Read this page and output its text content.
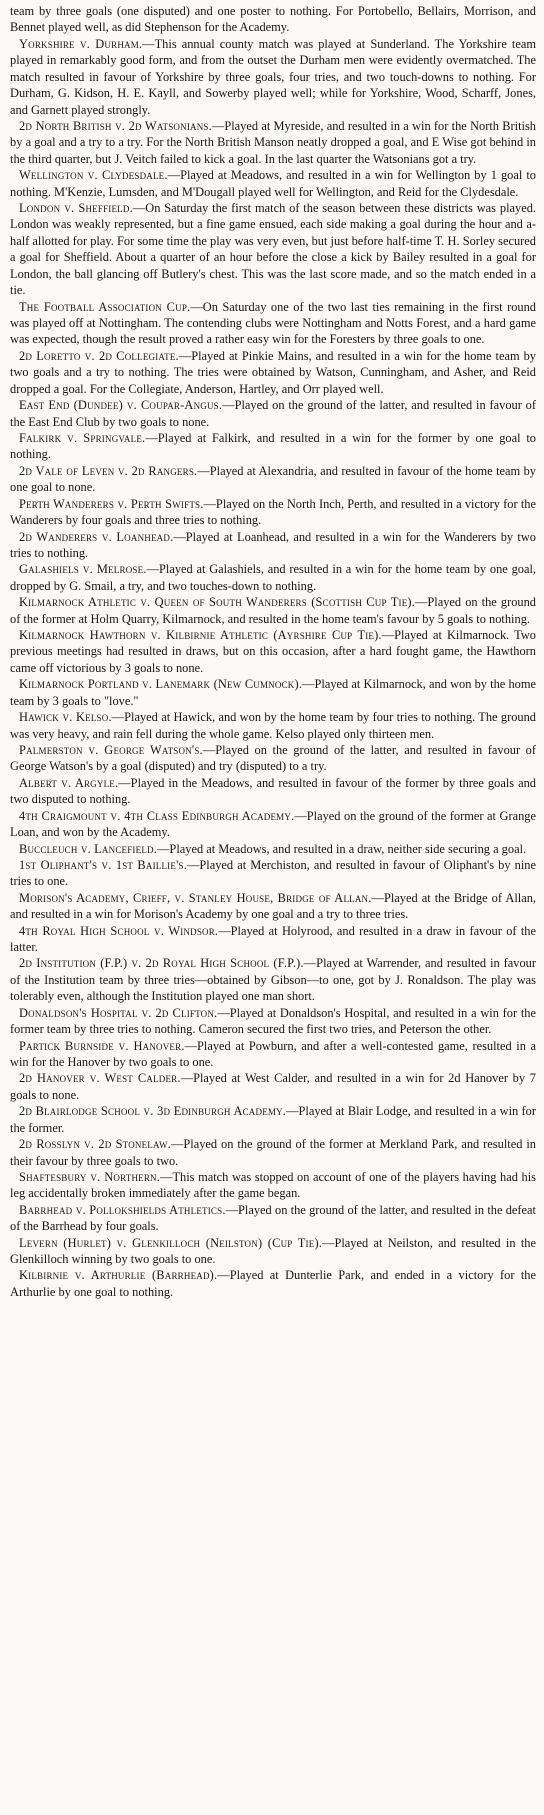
team by three goals (one disputed) and one poster to nothing. For Portobello, Bellairs, Morrison, and Bennet played well, as did Stephenson for the Academy.

Yorkshire v. Durham.—This annual county match was played at Sunderland. The Yorkshire team played in remarkably good form, and from the outset the Durham men were evidently overmatched. The match resulted in favour of Yorkshire by three goals, four tries, and two touch-downs to nothing. For Durham, G. Kidson, H. E. Kayll, and Sowerby played well; while for Yorkshire, Wood, Scharff, Jones, and Garnett played strongly.

2d North British v. 2d Watsonians.—Played at Myreside, and resulted in a win for the North British by a goal and a try to a try. For the North British Manson neatly dropped a goal, and E Wise got behind in the third quarter, but J. Veitch failed to kick a goal. In the last quarter the Watsonians got a try.

Wellington v. Clydesdale.—Played at Meadows, and resulted in a win for Wellington by 1 goal to nothing. M'Kenzie, Lumsden, and M'Dougall played well for Wellington, and Reid for the Clydesdale.

London v. Sheffield.—On Saturday the first match of the season between these districts was played. London was weakly represented, but a fine game ensued, each side making a goal during the hour and a-half allotted for play. For some time the play was very even, but just before half-time T. H. Sorley secured a goal for Sheffield. About a quarter of an hour before the close a kick by Bailey resulted in a goal for London, the ball glancing off Butlery's chest. This was the last score made, and so the match ended in a tie.

The Football Association Cup.—On Saturday one of the two last ties remaining in the first round was played off at Nottingham. The contending clubs were Nottingham and Notts Forest, and a hard game was expected, though the result proved a rather easy win for the Foresters by three goals to one.

2d Loretto v. 2d Collegiate.—Played at Pinkie Mains, and resulted in a win for the home team by two goals and a try to nothing. The tries were obtained by Watson, Cunningham, and Asher, and Reid dropped a goal. For the Collegiate, Anderson, Hartley, and Orr played well.

East End (Dundee) v. Coupar-Angus.—Played on the ground of the latter, and resulted in favour of the East End Club by two goals to none.

Falkirk v. Springvale.—Played at Falkirk, and resulted in a win for the former by one goal to nothing.

2d Vale of Leven v. 2d Rangers.—Played at Alexandria, and resulted in favour of the home team by one goal to none.

Perth Wanderers v. Perth Swifts.—Played on the North Inch, Perth, and resulted in a victory for the Wanderers by four goals and three tries to nothing.

2d Wanderers v. Loanhead.—Played at Loanhead, and resulted in a win for the Wanderers by two tries to nothing.

Galashiels v. Melrose.—Played at Galashiels, and resulted in a win for the home team by one goal, dropped by G. Smail, a try, and two touches-down to nothing.

Kilmarnock Athletic v. Queen of South Wanderers (Scottish Cup Tie).—Played on the ground of the former at Holm Quarry, Kilmarnock, and resulted in the home team's favour by 5 goals to nothing.

Kilmarnock Hawthorn v. Kilbirnie Athletic (Ayrshire Cup Tie).—Played at Kilmarnock. Two previous meetings had resulted in draws, but on this occasion, after a hard fought game, the Hawthorn came off victorious by 3 goals to none.

Kilmarnock Portland v. Lanemark (New Cumnock).—Played at Kilmarnock, and won by the home team by 3 goals to "love."

Hawick v. Kelso.—Played at Hawick, and won by the home team by four tries to nothing. The ground was very heavy, and rain fell during the whole game. Kelso played only thirteen men.

Palmerston v. George Watson's.—Played on the ground of the latter, and resulted in favour of George Watson's by a goal (disputed) and try (disputed) to a try.

Albert v. Argyle.—Played in the Meadows, and resulted in favour of the former by three goals and two disputed to nothing.

4th Craigmount v. 4th Class Edinburgh Academy.—Played on the ground of the former at Grange Loan, and won by the Academy.

Buccleuch v. Lancefield.—Played at Meadows, and resulted in a draw, neither side securing a goal.

1st Oliphant's v. 1st Baillie's.—Played at Merchiston, and resulted in favour of Oliphant's by nine tries to one.

Morison's Academy, Crieff, v. Stanley House, Bridge of Allan.—Played at the Bridge of Allan, and resulted in a win for Morison's Academy by one goal and a try to three tries.

4th Royal High School v. Windsor.—Played at Holyrood, and resulted in a draw in favour of the latter.

2d Institution (F.P.) v. 2d Royal High School (F.P.).—Played at Warrender, and resulted in favour of the Institution team by three tries—obtained by Gibson—to one, got by J. Ronaldson. The play was tolerably even, although the Institution played one man short.

Donaldson's Hospital v. 2d Clifton.—Played at Donaldson's Hospital, and resulted in a win for the former team by three tries to nothing. Cameron secured the first two tries, and Peterson the other.

Partick Burnside v. Hanover.—Played at Powburn, and after a well-contested game, resulted in a win for the Hanover by two goals to one.

2d Hanover v. West Calder.—Played at West Calder, and resulted in a win for 2d Hanover by 7 goals to none.

2d Blairlodge School v. 3d Edinburgh Academy.—Played at Blair Lodge, and resulted in a win for the former.

2d Rosslyn v. 2d Stonelaw.—Played on the ground of the former at Merkland Park, and resulted in their favour by three goals to two.

Shaftesbury v. Northern.—This match was stopped on account of one of the players having had his leg accidentally broken immediately after the game began.

Barrhead v. Pollokshields Athletics.—Played on the ground of the latter, and resulted in the defeat of the Barrhead by four goals.

Levern (Hurlet) v. Glenkilloch (Neilston) (Cup Tie).—Played at Neilston, and resulted in the Glenkilloch winning by two goals to one.

Kilbirnie v. Arthurlie (Barrhead).—Played at Dunterlie Park, and ended in a victory for the Arthurlie by one goal to nothing.
